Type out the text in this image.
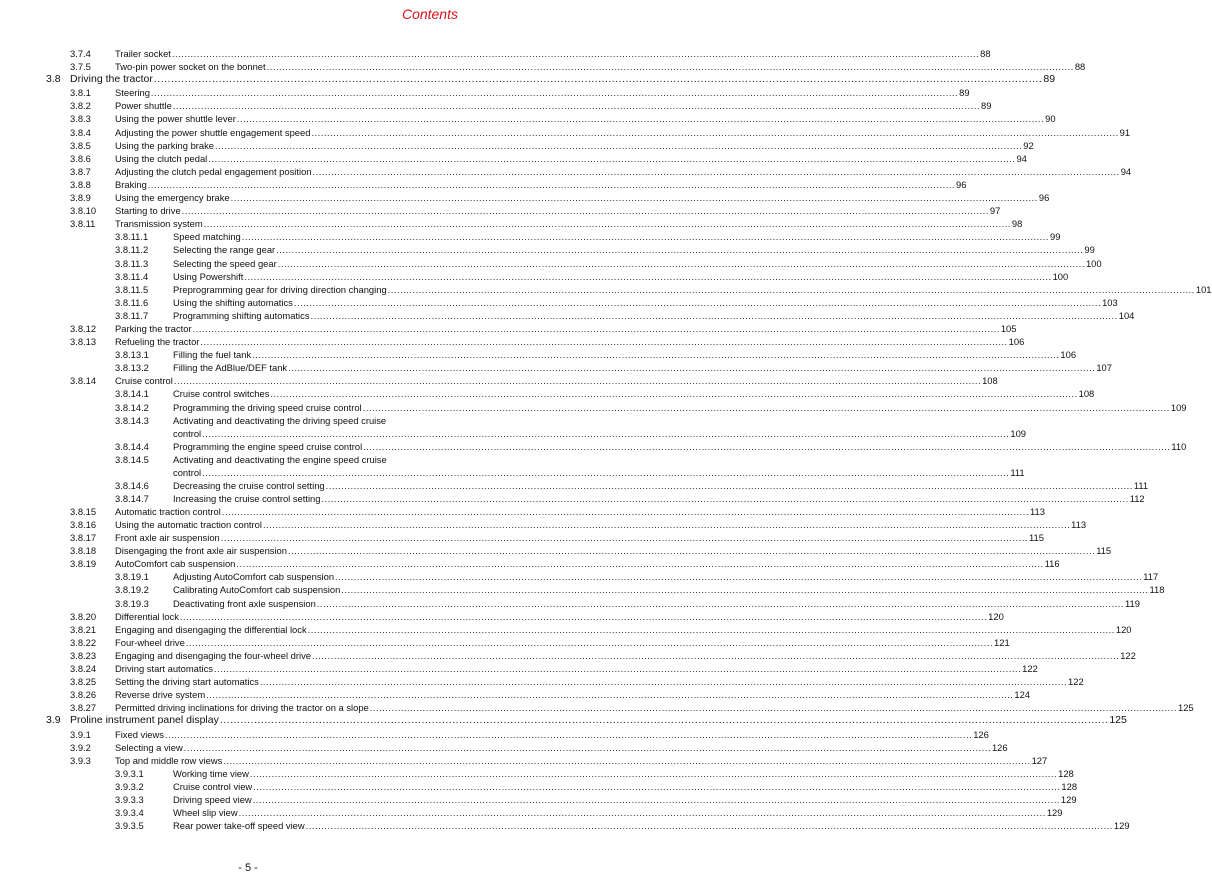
Contents
3.7.4	Trailer socket .................................................................................................................................................................................................................................................................... 88
3.7.5	Two-pin power socket on the bonnet .................................................................................................................................................................................................................................................................... 88
3.8 Driving the tractor .................................................................................................................................................................................................................................................................... 89
3.8.1	Steering .................................................................................................................................................................................................................................................................... 89
3.8.2	Power shuttle .................................................................................................................................................................................................................................................................... 89
3.8.3	Using the power shuttle lever .................................................................................................................................................................................................................................................................... 90
3.8.4	Adjusting the power shuttle engagement speed .................................................................................................................................................................................................................................................................... 91
3.8.5	Using the parking brake .................................................................................................................................................................................................................................................................... 92
3.8.6	Using the clutch pedal .................................................................................................................................................................................................................................................................... 94
3.8.7	Adjusting the clutch pedal engagement position .................................................................................................................................................................................................................................................................... 94
3.8.8	Braking .................................................................................................................................................................................................................................................................... 96
3.8.9	Using the emergency brake .................................................................................................................................................................................................................................................................... 96
3.8.10 Starting to drive .................................................................................................................................................................................................................................................................... 97
3.8.11 Transmission system .................................................................................................................................................................................................................................................................... 98
3.8.11.1	Speed matching .................................................................................................................................................................................................................................................................... 99
3.8.11.2	Selecting the range gear .................................................................................................................................................................................................................................................................... 99
3.8.11.3	Selecting the speed gear .................................................................................................................................................................................................................................................................... 100
3.8.11.4	Using Powershift .................................................................................................................................................................................................................................................................... 100
3.8.11.5	Preprogramming gear for driving direction changing .................................................................................................................................................................................................................................................................... 101
3.8.11.6	Using the shifting automatics .................................................................................................................................................................................................................................................................... 103
3.8.11.7	Programming shifting automatics .................................................................................................................................................................................................................................................................... 104
3.8.12 Parking the tractor .................................................................................................................................................................................................................................................................... 105
3.8.13 Refueling the tractor .................................................................................................................................................................................................................................................................... 106
3.8.13.1	Filling the fuel tank .................................................................................................................................................................................................................................................................... 106
3.8.13.2	Filling the AdBlue/DEF tank .................................................................................................................................................................................................................................................................... 107
3.8.14 Cruise control .................................................................................................................................................................................................................................................................... 108
3.8.14.1	Cruise control switches .................................................................................................................................................................................................................................................................... 108
3.8.14.2	Programming the driving speed cruise control .................................................................................................................................................................................................................................................................... 109
3.8.14.3	Activating and deactivating the driving speed cruise
control .................................................................................................................................................................................................................................................................... 109
3.8.14.4	Programming the engine speed cruise control .................................................................................................................................................................................................................................................................... 110
3.8.14.5	Activating and deactivating the engine speed cruise
control .................................................................................................................................................................................................................................................................... 111
3.8.14.6	Decreasing the cruise control setting .................................................................................................................................................................................................................................................................... 111
3.8.14.7	Increasing the cruise control setting .................................................................................................................................................................................................................................................................... 112
3.8.15 Automatic traction control .................................................................................................................................................................................................................................................................... 113
3.8.16 Using the automatic traction control .................................................................................................................................................................................................................................................................... 113
3.8.17 Front axle air suspension .................................................................................................................................................................................................................................................................... 115
3.8.18 Disengaging the front axle air suspension .................................................................................................................................................................................................................................................................... 115
3.8.19 AutoComfort cab suspension .................................................................................................................................................................................................................................................................... 116
3.8.19.1	Adjusting AutoComfort cab suspension .................................................................................................................................................................................................................................................................... 117
3.8.19.2	Calibrating AutoComfort cab suspension .................................................................................................................................................................................................................................................................... 118
3.8.19.3	Deactivating front axle suspension .................................................................................................................................................................................................................................................................... 119
3.8.20 Differential lock .................................................................................................................................................................................................................................................................... 120
3.8.21 Engaging and disengaging the differential lock .................................................................................................................................................................................................................................................................... 120
3.8.22 Four-wheel drive .................................................................................................................................................................................................................................................................... 121
3.8.23 Engaging and disengaging the four-wheel drive .................................................................................................................................................................................................................................................................... 122
3.8.24 Driving start automatics .................................................................................................................................................................................................................................................................... 122
3.8.25 Setting the driving start automatics .................................................................................................................................................................................................................................................................... 122
3.8.26 Reverse drive system .................................................................................................................................................................................................................................................................... 124
3.8.27 Permitted driving inclinations for driving the tractor on a slope .................................................................................................................................................................................................................................................................... 125
3.9 Proline instrument panel display .................................................................................................................................................................................................................................................................... 125
3.9.1	Fixed views .................................................................................................................................................................................................................................................................... 126
3.9.2	Selecting a view .................................................................................................................................................................................................................................................................... 126
3.9.3	Top and middle row views .................................................................................................................................................................................................................................................................... 127
3.9.3.1	Working time view .................................................................................................................................................................................................................................................................... 128
3.9.3.2	Cruise control view .................................................................................................................................................................................................................................................................... 128
3.9.3.3	Driving speed view .................................................................................................................................................................................................................................................................... 129
3.9.3.4	Wheel slip view .................................................................................................................................................................................................................................................................... 129
3.9.3.5	Rear power take-off speed view .................................................................................................................................................................................................................................................................... 129
- 5 -
